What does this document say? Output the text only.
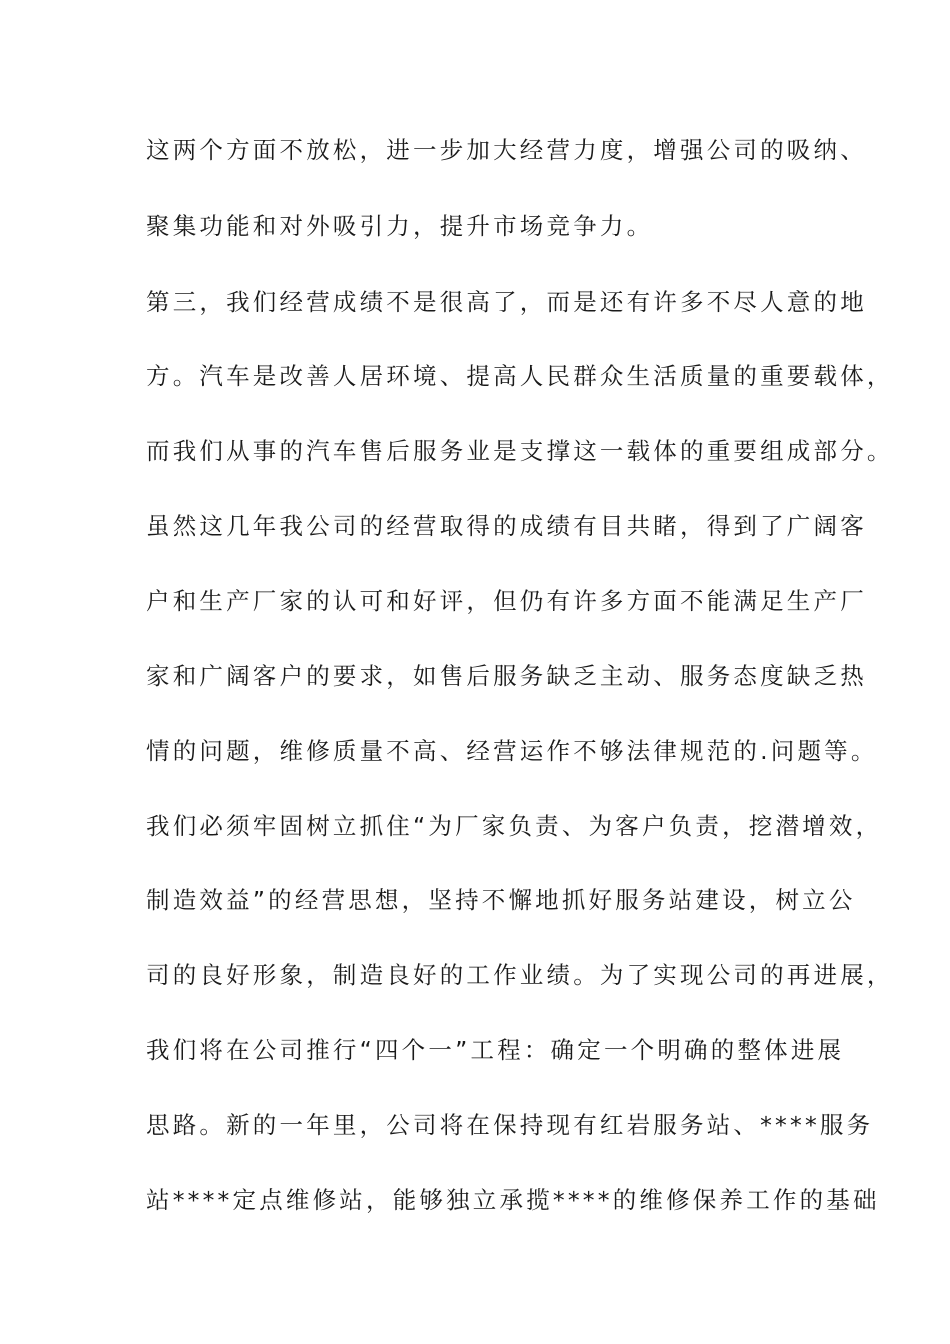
这两个方面不放松，进一步加大经营力度，增强公司的吸纳、
聚集功能和对外吸引力，提升市场竞争力。
第三，我们经营成绩不是很高了，而是还有许多不尽人意的地
方。汽车是改善人居环境、提高人民群众生活质量的重要载体，
而我们从事的汽车售后服务业是支撑这一载体的重要组成部分。
虽然这几年我公司的经营取得的成绩有目共睹，得到了广阔客
户和生产厂家的认可和好评，但仍有许多方面不能满足生产厂
家和广阔客户的要求，如售后服务缺乏主动、服务态度缺乏热
情的问题，维修质量不高、经营运作不够法律规范的.问题等。
我们必须牢固树立抓住“为厂家负责、为客户负责，挖潜增效，
制造效益”的经营思想，坚持不懈地抓好服务站建设，树立公
司的良好形象，制造良好的工作业绩。为了实现公司的再进展，
我们将在公司推行“四个一”工程：确定一个明确的整体进展
思路。新的一年里，公司将在保持现有红岩服务站、****服务
站****定点维修站，能够独立承揽****的维修保养工作的基础
